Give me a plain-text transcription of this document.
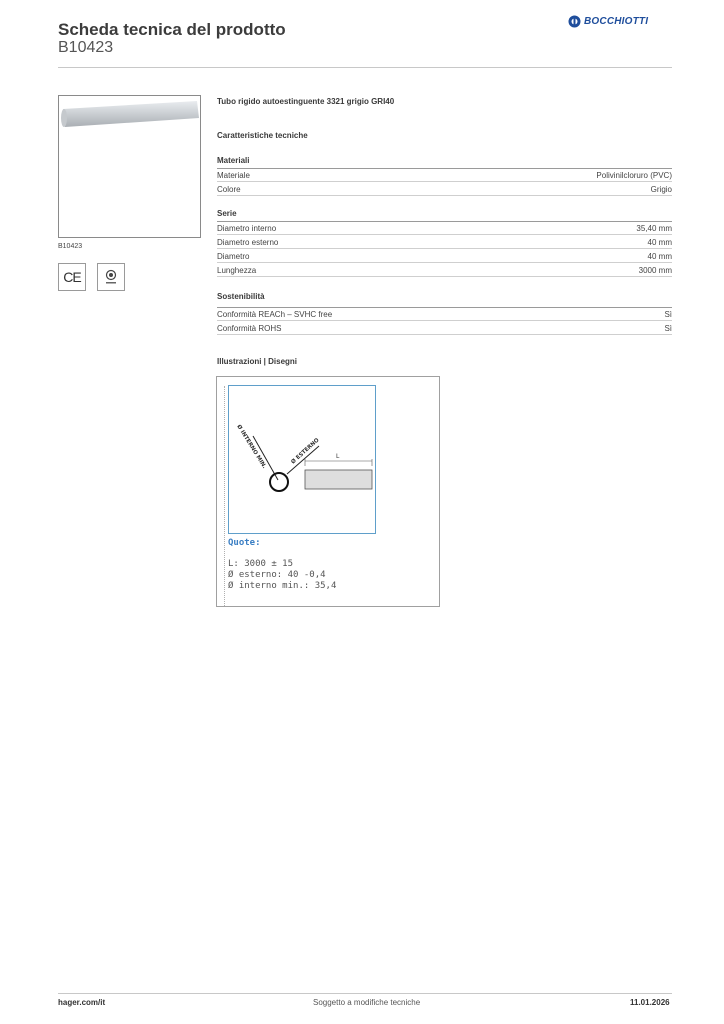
Scheda tecnica del prodotto
B10423
BOCCHIOTTI
B10423
CE
Tubo rigido autoestinguente 3321 grigio GRI40
Caratteristiche tecniche
Materiali
Materiale	Polivinilcloruro (PVC)
Colore	Grigio
Serie
Diametro interno	35,40 mm
Diametro esterno	40 mm
Diametro	40 mm
Lunghezza	3000 mm
Sostenibilità
Conformità REACh – SVHC free	Sì
Conformità ROHS	Sì
Illustrazioni | Disegni
Ø INTERNO MIN.	Ø ESTERNO	L
Quote:
L: 3000 ± 15
Ø esterno: 40 -0,4
Ø interno min.: 35,4
hager.com/it	Soggetto a modifiche tecniche	11.01.2026
